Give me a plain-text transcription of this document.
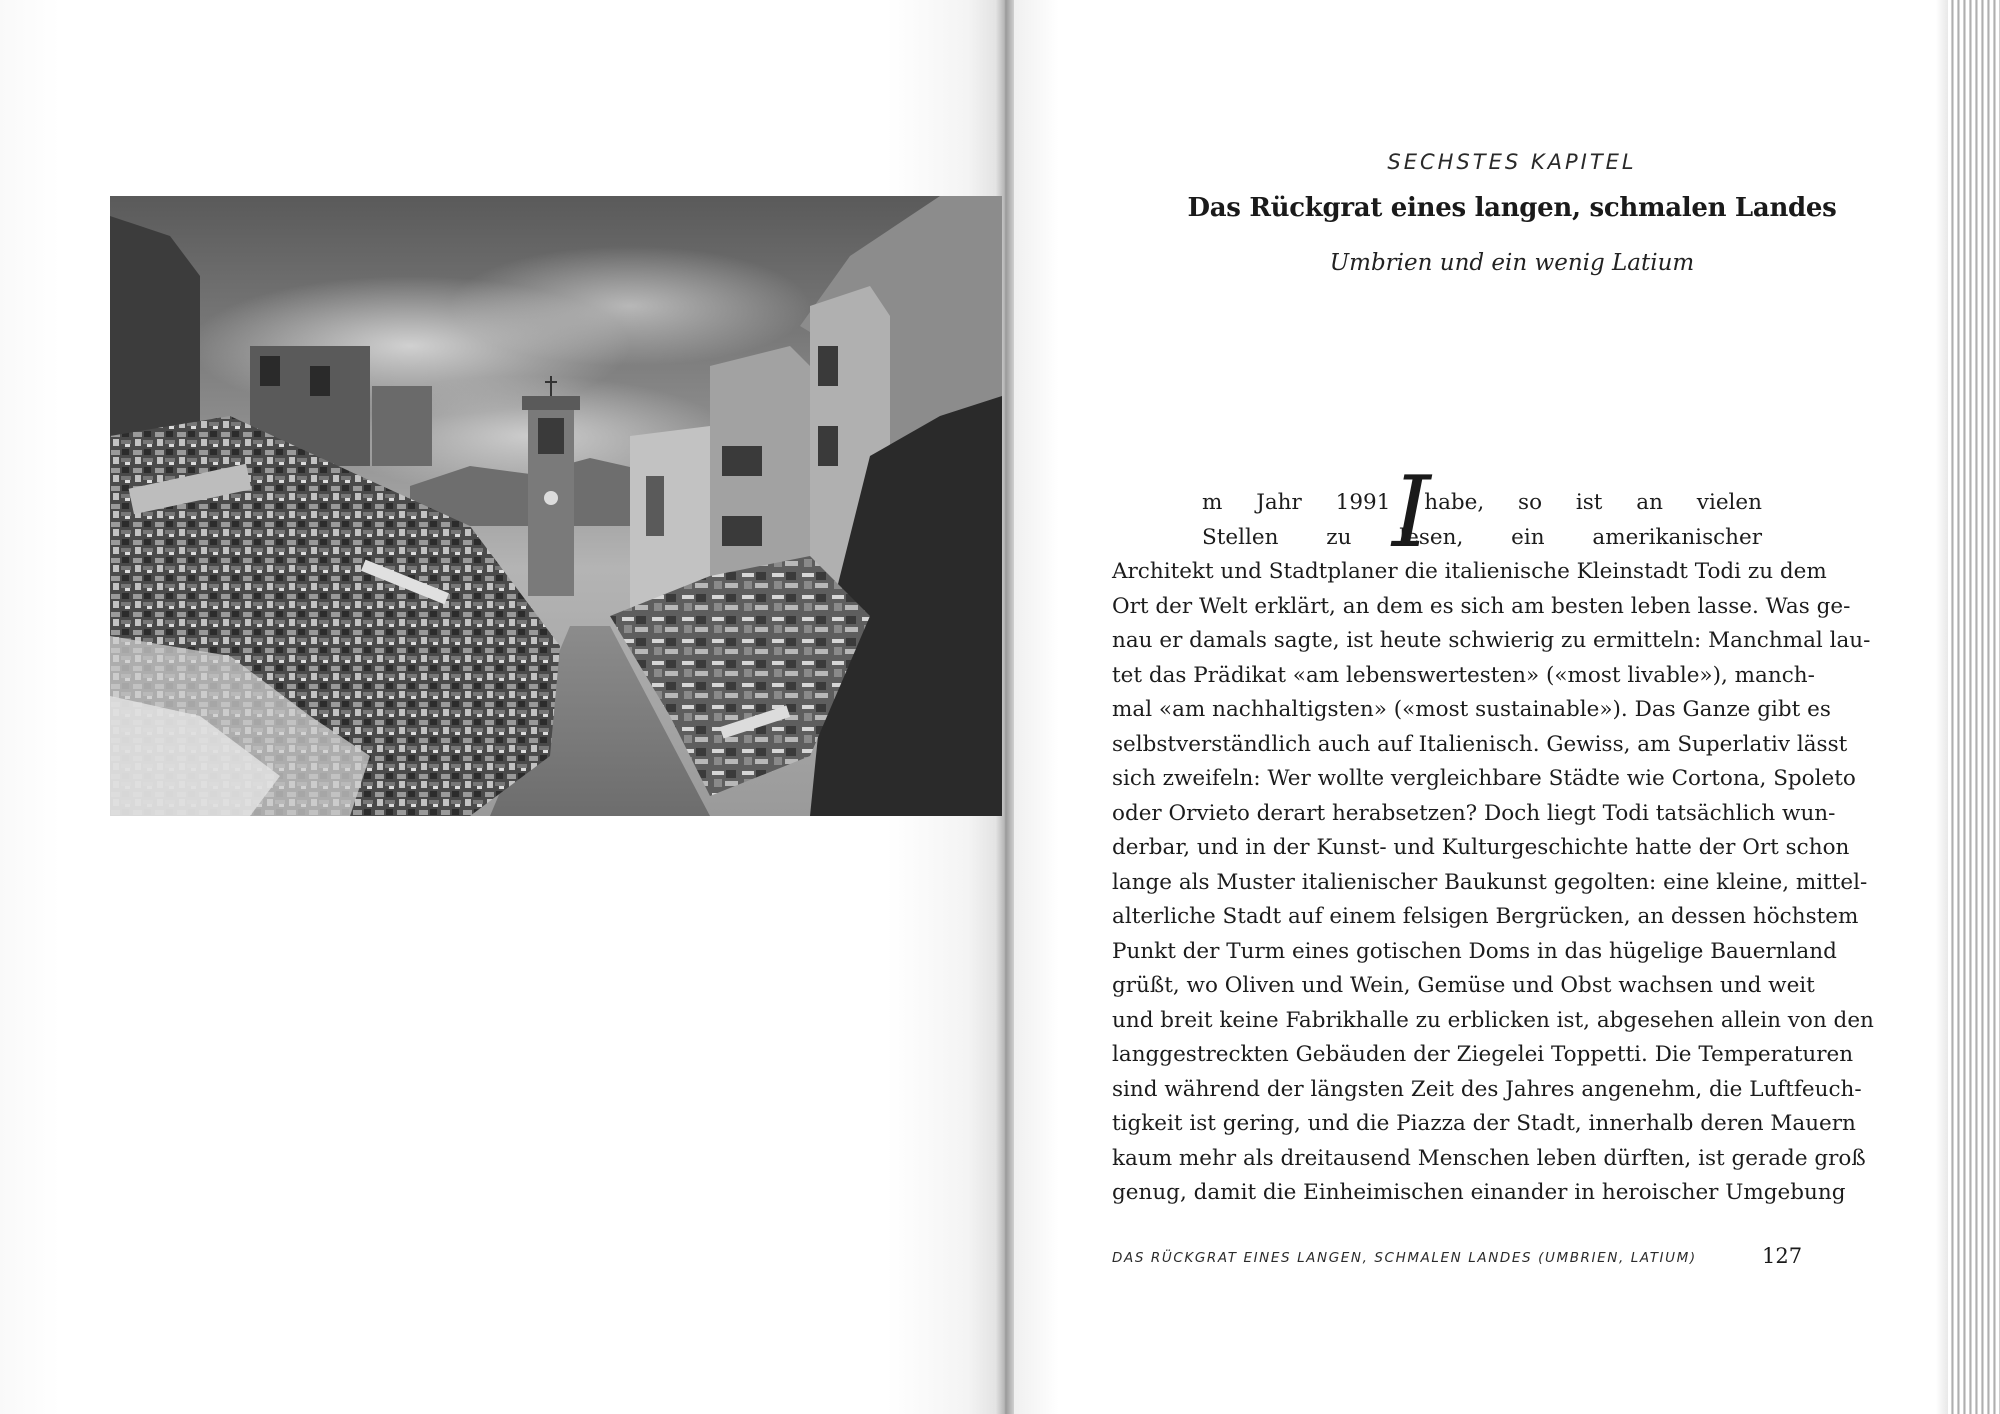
SECHSTES KAPITEL
Das Rückgrat eines langen, schmalen Landes
Umbrien und ein wenig Latium
I
m Jahr 1991 habe, so ist an vielen
Stellen zu lesen, ein amerikanischer
Architekt und Stadtplaner die italienische Kleinstadt Todi zu dem
Ort der Welt erklärt, an dem es sich am besten leben lasse. Was ge-
nau er damals sagte, ist heute schwierig zu ermitteln: Manchmal lau-
tet das Prädikat «am lebenswertesten» («most livable»), manch-
mal «am nachhaltigsten» («most sustainable»). Das Ganze gibt es
selbstverständlich auch auf Italienisch. Gewiss, am Superlativ lässt
sich zweifeln: Wer wollte vergleichbare Städte wie Cortona, Spoleto
oder Orvieto derart herabsetzen? Doch liegt Todi tatsächlich wun-
derbar, und in der Kunst- und Kulturgeschichte hatte der Ort schon
lange als Muster italienischer Baukunst gegolten: eine kleine, mittel-
alterliche Stadt auf einem felsigen Bergrücken, an dessen höchstem
Punkt der Turm eines gotischen Doms in das hügelige Bauernland
grüßt, wo Oliven und Wein, Gemüse und Obst wachsen und weit
und breit keine Fabrikhalle zu erblicken ist, abgesehen allein von den
langgestreckten Gebäuden der Ziegelei Toppetti. Die Temperaturen
sind während der längsten Zeit des Jahres angenehm, die Luftfeuch-
tigkeit ist gering, und die Piazza der Stadt, innerhalb deren Mauern
kaum mehr als dreitausend Menschen leben dürften, ist gerade groß
genug, damit die Einheimischen einander in heroischer Umgebung
DAS RÜCKGRAT EINES LANGEN, SCHMALEN LANDES (UMBRIEN, LATIUM)	127
